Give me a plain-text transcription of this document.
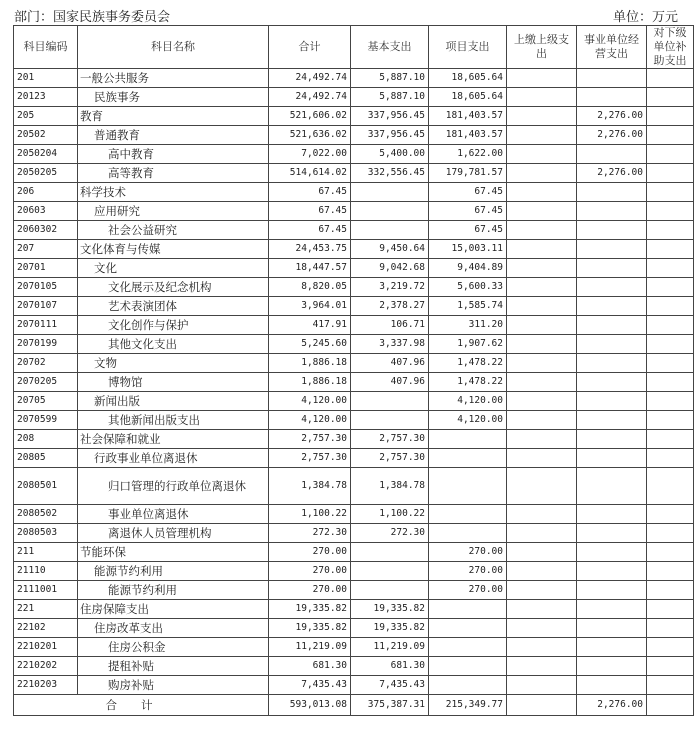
部门：国家民族事务委员会	单位：万元
科目编码	科目名称	合计	基本支出	项目支出	上缴上级支出	事业单位经营支出	对下级单位补助支出
201	一般公共服务	24,492.74	5,887.10	18,605.64			
20123	民族事务	24,492.74	5,887.10	18,605.64			
205	教育	521,606.02	337,956.45	181,403.57		2,276.00	
20502	普通教育	521,636.02	337,956.45	181,403.57		2,276.00	
2050204	高中教育	7,022.00	5,400.00	1,622.00			
2050205	高等教育	514,614.02	332,556.45	179,781.57		2,276.00	
206	科学技术	67.45		67.45			
20603	应用研究	67.45		67.45			
2060302	社会公益研究	67.45		67.45			
207	文化体育与传媒	24,453.75	9,450.64	15,003.11			
20701	文化	18,447.57	9,042.68	9,404.89			
2070105	文化展示及纪念机构	8,820.05	3,219.72	5,600.33			
2070107	艺术表演团体	3,964.01	2,378.27	1,585.74			
2070111	文化创作与保护	417.91	106.71	311.20			
2070199	其他文化支出	5,245.60	3,337.98	1,907.62			
20702	文物	1,886.18	407.96	1,478.22			
2070205	博物馆	1,886.18	407.96	1,478.22			
20705	新闻出版	4,120.00		4,120.00			
2070599	其他新闻出版支出	4,120.00		4,120.00			
208	社会保障和就业	2,757.30	2,757.30				
20805	行政事业单位离退休	2,757.30	2,757.30				
2080501	归口管理的行政单位离退休	1,384.78	1,384.78				
2080502	事业单位离退休	1,100.22	1,100.22				
2080503	离退休人员管理机构	272.30	272.30				
211	节能环保	270.00		270.00			
21110	能源节约利用	270.00		270.00			
2111001	能源节约利用	270.00		270.00			
221	住房保障支出	19,335.82	19,335.82				
22102	住房改革支出	19,335.82	19,335.82				
2210201	住房公积金	11,219.09	11,219.09				
2210202	提租补贴	681.30	681.30				
2210203	购房补贴	7,435.43	7,435.43				
合计		593,013.08	375,387.31	215,349.77		2,276.00	
